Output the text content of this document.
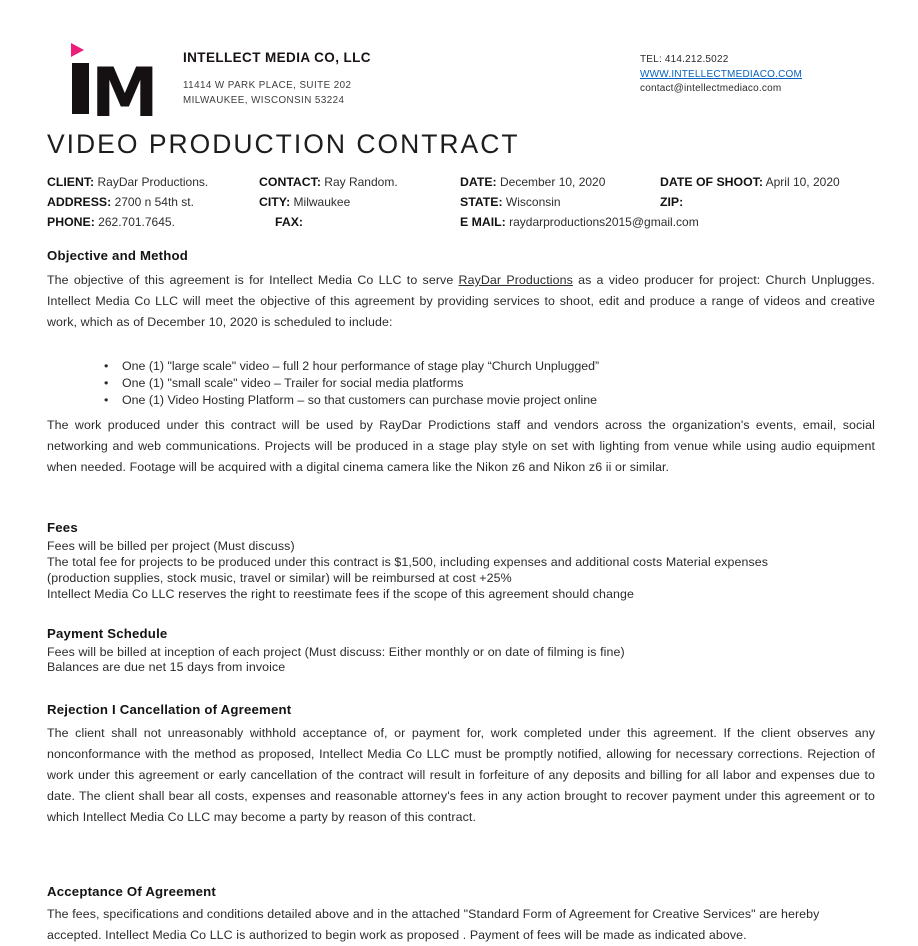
M INTELLECT MEDIA CO, LLC
11414 W PARK PLACE, SUITE 202
MILWAUKEE, WISCONSIN 53224
TEL: 414.212.5022
WWW.INTELLECTMEDIACO.COM
contact@intellectmediaco.com
VIDEO PRODUCTION CONTRACT
CLIENT: RayDar Productions.	CONTACT: Ray Random.	DATE: December 10, 2020	DATE OF SHOOT: April 10, 2020
ADDRESS: 2700 n 54th st.	CITY: Milwaukee	STATE: Wisconsin	ZIP:
PHONE: 262.701.7645.	FAX:	E MAIL: raydarproductions2015@gmail.com
Objective and Method
The objective of this agreement is for Intellect Media Co LLC to serve RayDar Productions as a video producer for project: Church Unplugges. Intellect Media Co LLC will meet the objective of this agreement by providing services to shoot, edit and produce a range of videos and creative work, which as of December 10, 2020 is scheduled to include:
• One (1) "large scale" video – full 2 hour performance of stage play “Church Unplugged”
• One (1) "small scale" video – Trailer for social media platforms
• One (1) Video Hosting Platform – so that customers can purchase movie project online
The work produced under this contract will be used by RayDar Prodictions staff and vendors across the organization's events, email, social networking and web communications. Projects will be produced in a stage play style on set with lighting from venue while using audio equipment when needed. Footage will be acquired with a digital cinema camera like the Nikon z6 and Nikon z6 ii or similar.
Fees
Fees will be billed per project (Must discuss)
The total fee for projects to be produced under this contract is $1,500, including expenses and additional costs Material expenses
(production supplies, stock music, travel or similar) will be reimbursed at cost +25%
Intellect Media Co LLC reserves the right to reestimate fees if the scope of this agreement should change
Payment Schedule
Fees will be billed at inception of each project (Must discuss: Either monthly or on date of filming is fine)
Balances are due net 15 days from invoice
Rejection I Cancellation of Agreement
The client shall not unreasonably withhold acceptance of, or payment for, work completed under this agreement. If the client observes any nonconformance with the method as proposed, Intellect Media Co LLC must be promptly notified, allowing for necessary corrections. Rejection of work under this agreement or early cancellation of the contract will result in forfeiture of any deposits and billing for all labor and expenses due to date. The client shall bear all costs, expenses and reasonable attorney's fees in any action brought to recover payment under this agreement or to which Intellect Media Co LLC may become a party by reason of this contract.
Acceptance Of Agreement
The fees, specifications and conditions detailed above and in the attached "Standard Form of Agreement for Creative Services" are hereby accepted. Intellect Media Co LLC is authorized to begin work as proposed . Payment of fees will be made as indicated above.
